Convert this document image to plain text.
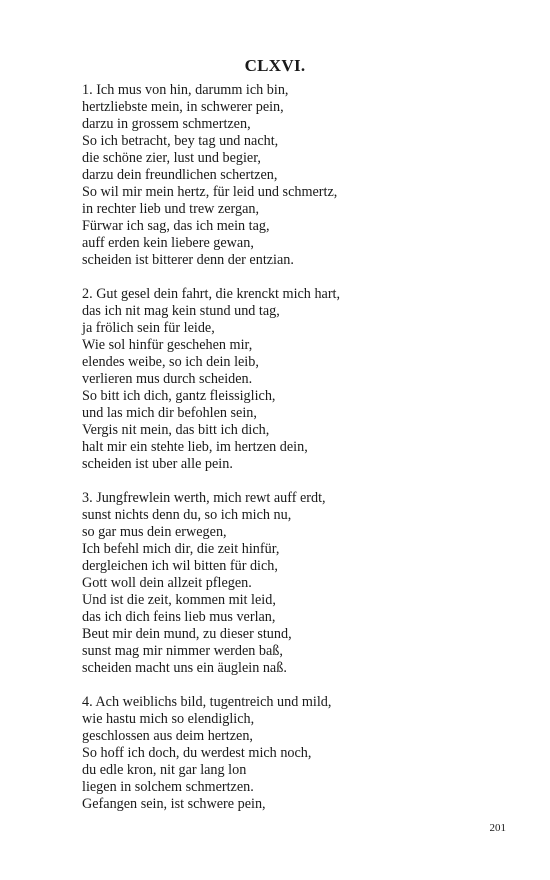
CLXVI.
1. Ich mus von hin, darumm ich bin,
hertzliebste mein, in schwerer pein,
darzu in grossem schmertzen,
So ich betracht, bey tag und nacht,
die schöne zier, lust und begier,
darzu dein freundlichen schertzen,
So wil mir mein hertz, für leid und schmertz,
in rechter lieb und trew zergan,
Fürwar ich sag, das ich mein tag,
auff erden kein liebere gewan,
scheiden ist bitterer denn der entzian.
2. Gut gesel dein fahrt, die krenckt mich hart,
das ich nit mag kein stund und tag,
ja frölich sein für leide,
Wie sol hinfür geschehen mir,
elendes weibe, so ich dein leib,
verlieren mus durch scheiden.
So bitt ich dich, gantz fleissiglich,
und las mich dir befohlen sein,
Vergis nit mein, das bitt ich dich,
halt mir ein stehte lieb, im hertzen dein,
scheiden ist uber alle pein.
3. Jungfrewlein werth, mich rewt auff erdt,
sunst nichts denn du, so ich mich nu,
so gar mus dein erwegen,
Ich befehl mich dir, die zeit hinfür,
dergleichen ich wil bitten für dich,
Gott woll dein allzeit pflegen.
Und ist die zeit, kommen mit leid,
das ich dich feins lieb mus verlan,
Beut mir dein mund, zu dieser stund,
sunst mag mir nimmer werden baß,
scheiden macht uns ein äuglein naß.
4. Ach weiblichs bild, tugentreich und mild,
wie hastu mich so elendiglich,
geschlossen aus deim hertzen,
So hoff ich doch, du werdest mich noch,
du edle kron, nit gar lang lon
liegen in solchem schmertzen.
Gefangen sein, ist schwere pein,
201
